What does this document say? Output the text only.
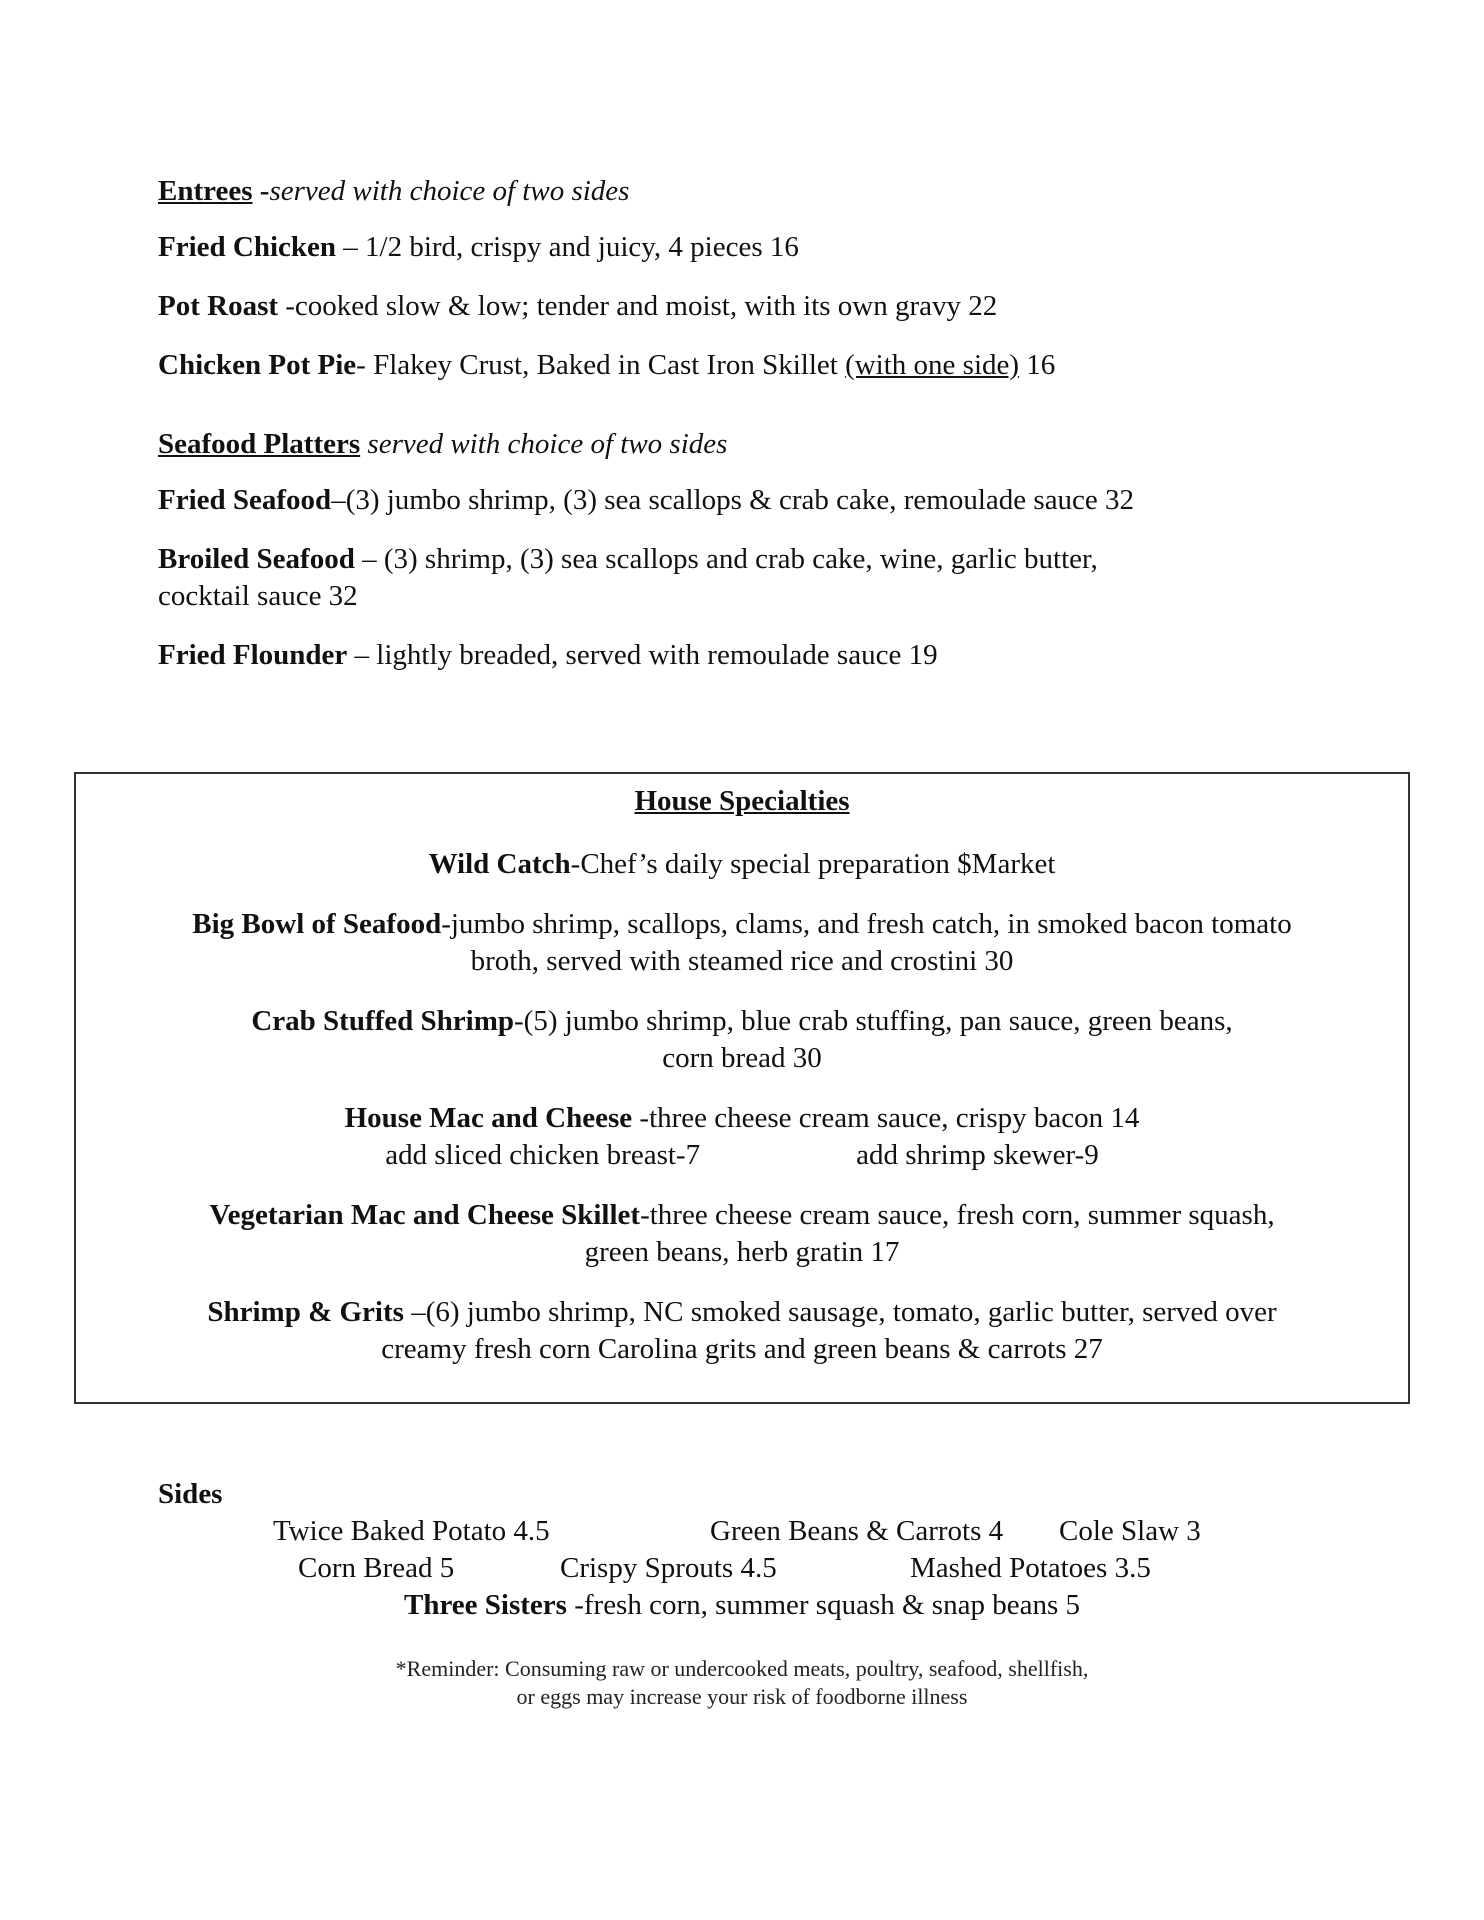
Entrees -served with choice of two sides

Fried Chicken – 1/2 bird, crispy and juicy, 4 pieces 16

Pot Roast -cooked slow & low; tender and moist, with its own gravy 22

Chicken Pot Pie- Flakey Crust, Baked in Cast Iron Skillet (with one side) 16

Seafood Platters served with choice of two sides

Fried Seafood–(3) jumbo shrimp, (3) sea scallops & crab cake, remoulade sauce 32

Broiled Seafood – (3) shrimp, (3) sea scallops and crab cake, wine, garlic butter,
cocktail sauce 32

Fried Flounder – lightly breaded, served with remoulade sauce 19

House Specialties

Wild Catch-Chef’s daily special preparation $Market

Big Bowl of Seafood-jumbo shrimp, scallops, clams, and fresh catch, in smoked bacon tomato
broth, served with steamed rice and crostini 30

Crab Stuffed Shrimp-(5) jumbo shrimp, blue crab stuffing, pan sauce, green beans,
corn bread 30

House Mac and Cheese -three cheese cream sauce, crispy bacon 14
add sliced chicken breast-7	add shrimp skewer-9

Vegetarian Mac and Cheese Skillet-three cheese cream sauce, fresh corn, summer squash,
green beans, herb gratin 17

Shrimp & Grits –(6) jumbo shrimp, NC smoked sausage, tomato, garlic butter, served over
creamy fresh corn Carolina grits and green beans & carrots 27

Sides

Twice Baked Potato 4.5	Green Beans & Carrots 4 Cole Slaw 3
Corn Bread 5	Crispy Sprouts 4.5	Mashed Potatoes 3.5
Three Sisters -fresh corn, summer squash & snap beans 5
*Reminder: Consuming raw or undercooked meats, poultry, seafood, shellfish,
or eggs may increase your risk of foodborne illness
